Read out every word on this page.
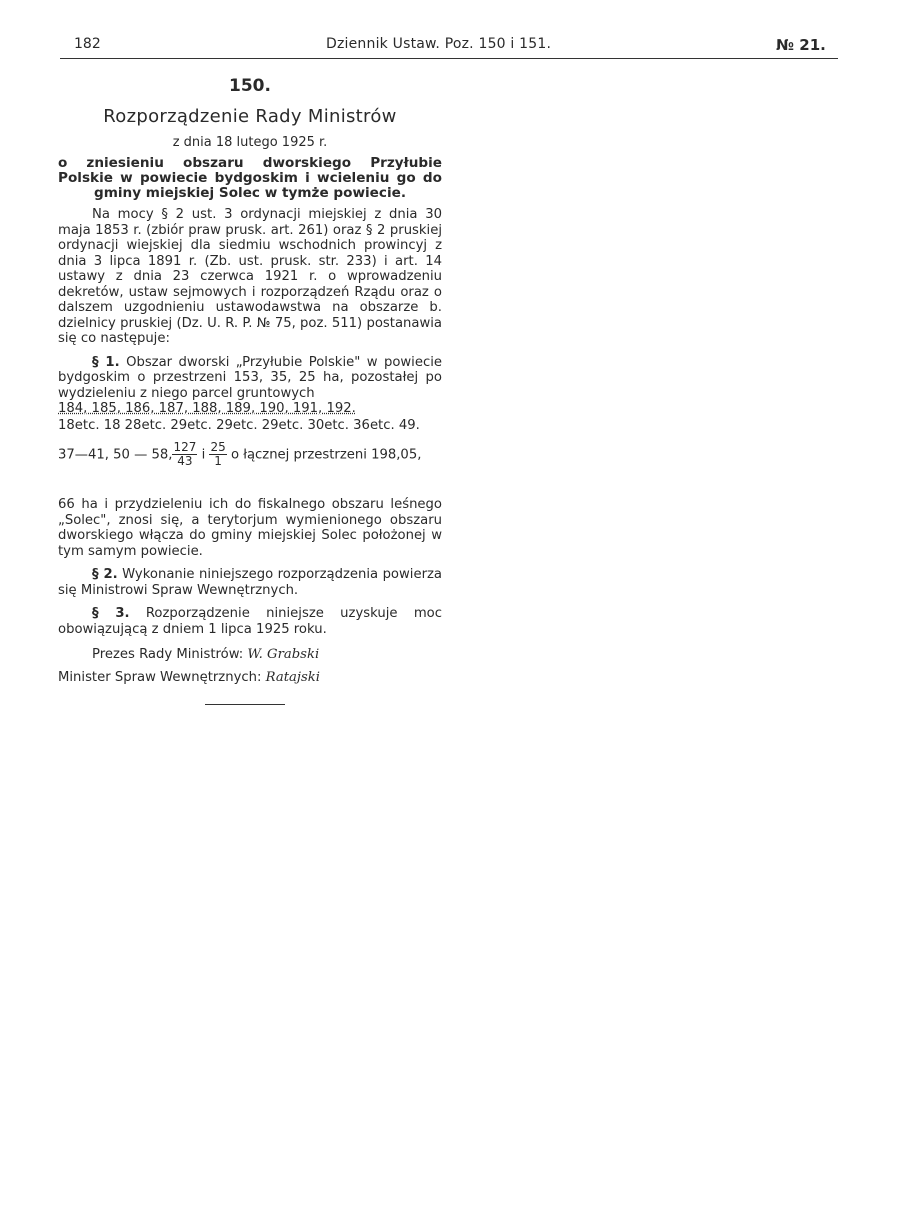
182	Dziennik Ustaw. Poz. 150 i 151.	№ 21.
150.
Rozporządzenie Rady Ministrów
z dnia 18 lutego 1925 r.
o zniesieniu obszaru dworskiego Przyłubie Polskie w powiecie bydgoskim i wcieleniu go do gminy miejskiej Solec w tymże powiecie.

Na mocy § 2 ust. 3 ordynacji miejskiej z dnia 30 maja 1853 r. (zbiór praw prusk. art. 261) oraz § 2 pruskiej ordynacji wiejskiej dla siedmiu wschodnich prowincyj z dnia 3 lipca 1891 r. (Zb. ust. prusk. str. 233) i art. 14 ustawy z dnia 23 czerwca 1921 r. o wprowadzeniu dekretów, ustaw sejmowych i rozporządzeń Rządu oraz o dalszem uzgodnieniu ustawodawstwa na obszarze b. dzielnicy pruskiej (Dz. U. R. P. № 75, poz. 511) postanawia się co następuje:

§ 1. Obszar dworski „Przyłubie Polskie" w powiecie bydgoskim o przestrzeni 153, 35, 25 ha, pozostałej po wydzieleniu z niego parcel gruntowych

184, 185, 186, 187, 188, 189, 190, 191, 192.
18etc. 18 28etc. 29etc. 29etc. 29etc. 30etc. 36etc. 49.
37—41, 50 — 58, $\frac{127}{43}$ i $\frac{25}{1}$ o łącznej przestrzeni 198,05,

66 ha i przydzieleniu ich do fiskalnego obszaru leśnego „Solec", znosi się, a terytorjum wymienionego obszaru dworskiego włącza do gminy miejskiej Solec położonej w tym samym powiecie.

§ 2. Wykonanie niniejszego rozporządzenia powierza się Ministrowi Spraw Wewnętrznych.

§ 3. Rozporządzenie niniejsze uzyskuje moc obowiązującą z dniem 1 lipca 1925 roku.

Prezes Rady Ministrów: W. Grabski
Minister Spraw Wewnętrznych: Ratajski
